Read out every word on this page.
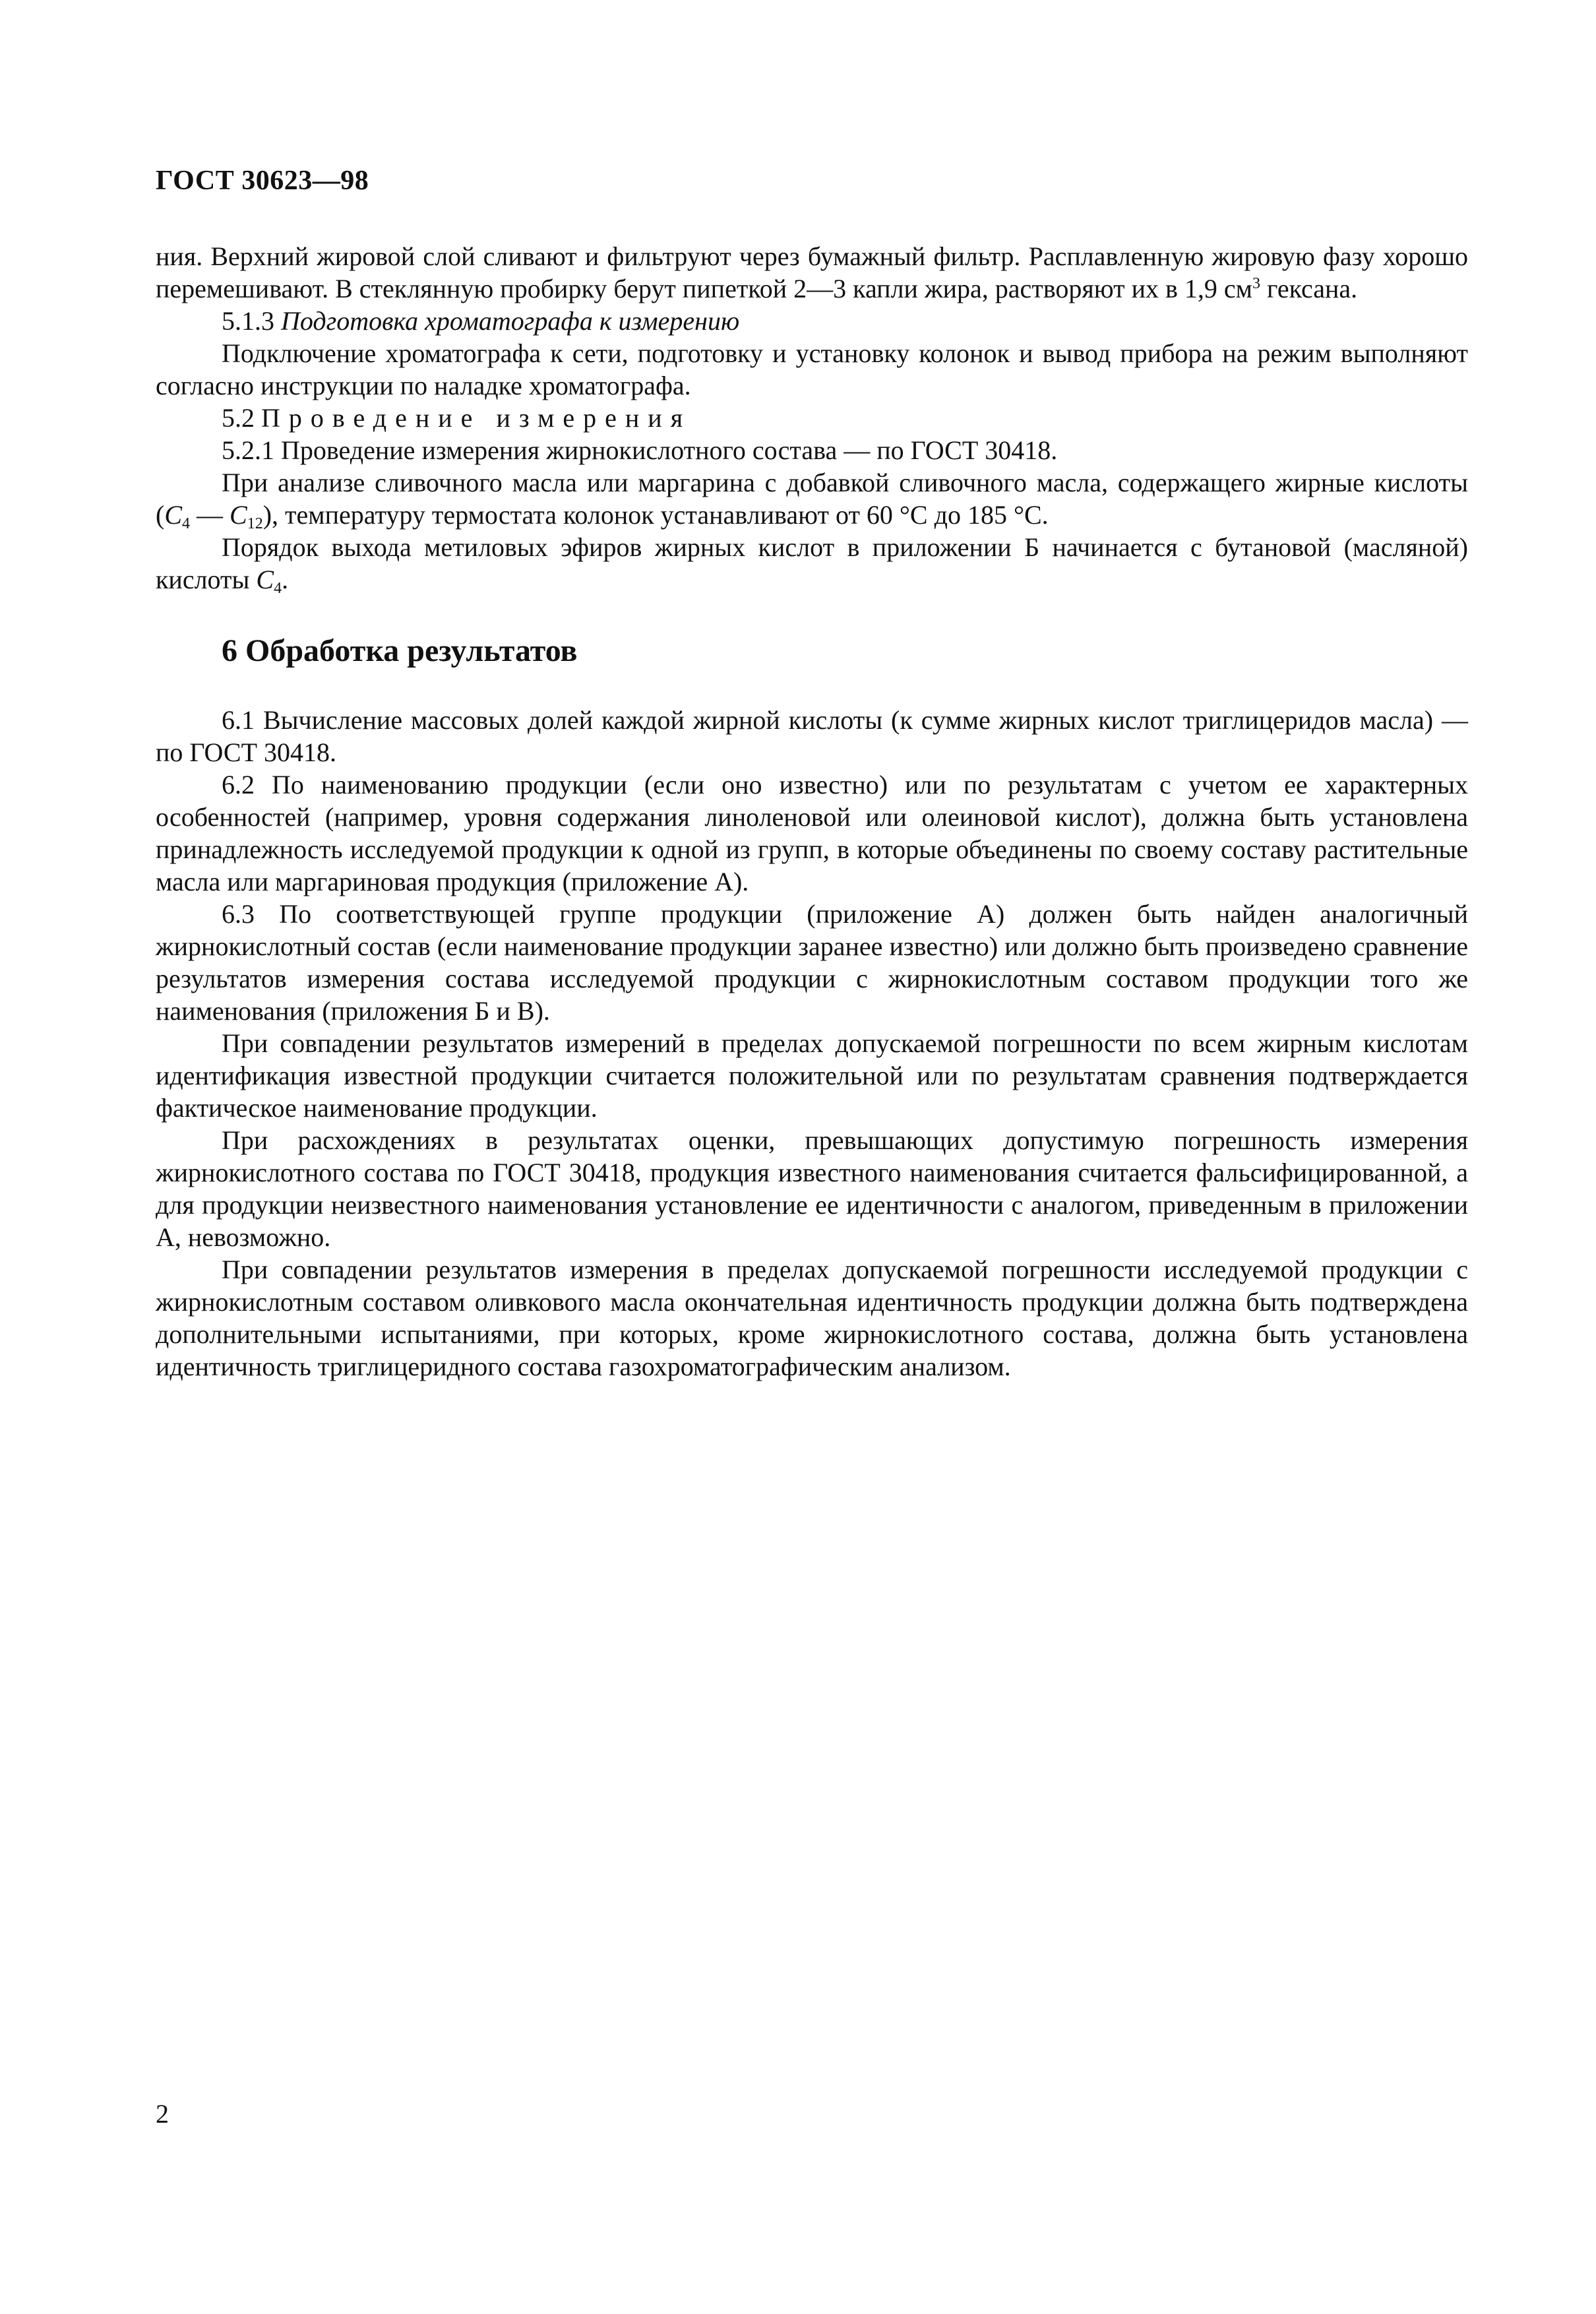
ГОСТ 30623—98

ния. Верхний жировой слой сливают и фильтруют через бумажный фильтр. Расплавленную жировую фазу хорошо перемешивают. В стеклянную пробирку берут пипеткой 2—3 капли жира, растворяют их в 1,9 $см^3$ гексана.

5.1.3 Подготовка хроматографа к измерению

Подключение хроматографа к сети, подготовку и установку колонок и вывод прибора на режим выполняют согласно инструкции по наладке хроматографа.

5.2 Проведение измерения

5.2.1 Проведение измерения жирнокислотного состава — по ГОСТ 30418.

При анализе сливочного масла или маргарина с добавкой сливочного масла, содержащего жирные кислоты ($C_4$ — $C_{12}$), температуру термостата колонок устанавливают от 60 °С до 185 °С.

Порядок выхода метиловых эфиров жирных кислот в приложении Б начинается с бутановой (масляной) кислоты $C_4$.

6 Обработка результатов

6.1 Вычисление массовых долей каждой жирной кислоты (к сумме жирных кислот триглицеридов масла) — по ГОСТ 30418.

6.2 По наименованию продукции (если оно известно) или по результатам с учетом ее характерных особенностей (например, уровня содержания линоленовой или олеиновой кислот), должна быть установлена принадлежность исследуемой продукции к одной из групп, в которые объединены по своему составу растительные масла или маргариновая продукция (приложение А).

6.3 По соответствующей группе продукции (приложение А) должен быть найден аналогичный жирнокислотный состав (если наименование продукции заранее известно) или должно быть произведено сравнение результатов измерения состава исследуемой продукции с жирнокислотным составом продукции того же наименования (приложения Б и В).

При совпадении результатов измерений в пределах допускаемой погрешности по всем жирным кислотам идентификация известной продукции считается положительной или по результатам сравнения подтверждается фактическое наименование продукции.

При расхождениях в результатах оценки, превышающих допустимую погрешность измерения жирнокислотного состава по ГОСТ 30418, продукция известного наименования считается фальсифицированной, а для продукции неизвестного наименования установление ее идентичности с аналогом, приведенным в приложении А, невозможно.

При совпадении результатов измерения в пределах допускаемой погрешности исследуемой продукции с жирнокислотным составом оливкового масла окончательная идентичность продукции должна быть подтверждена дополнительными испытаниями, при которых, кроме жирнокислотного состава, должна быть установлена идентичность триглицеридного состава газохроматографическим анализом.

2
